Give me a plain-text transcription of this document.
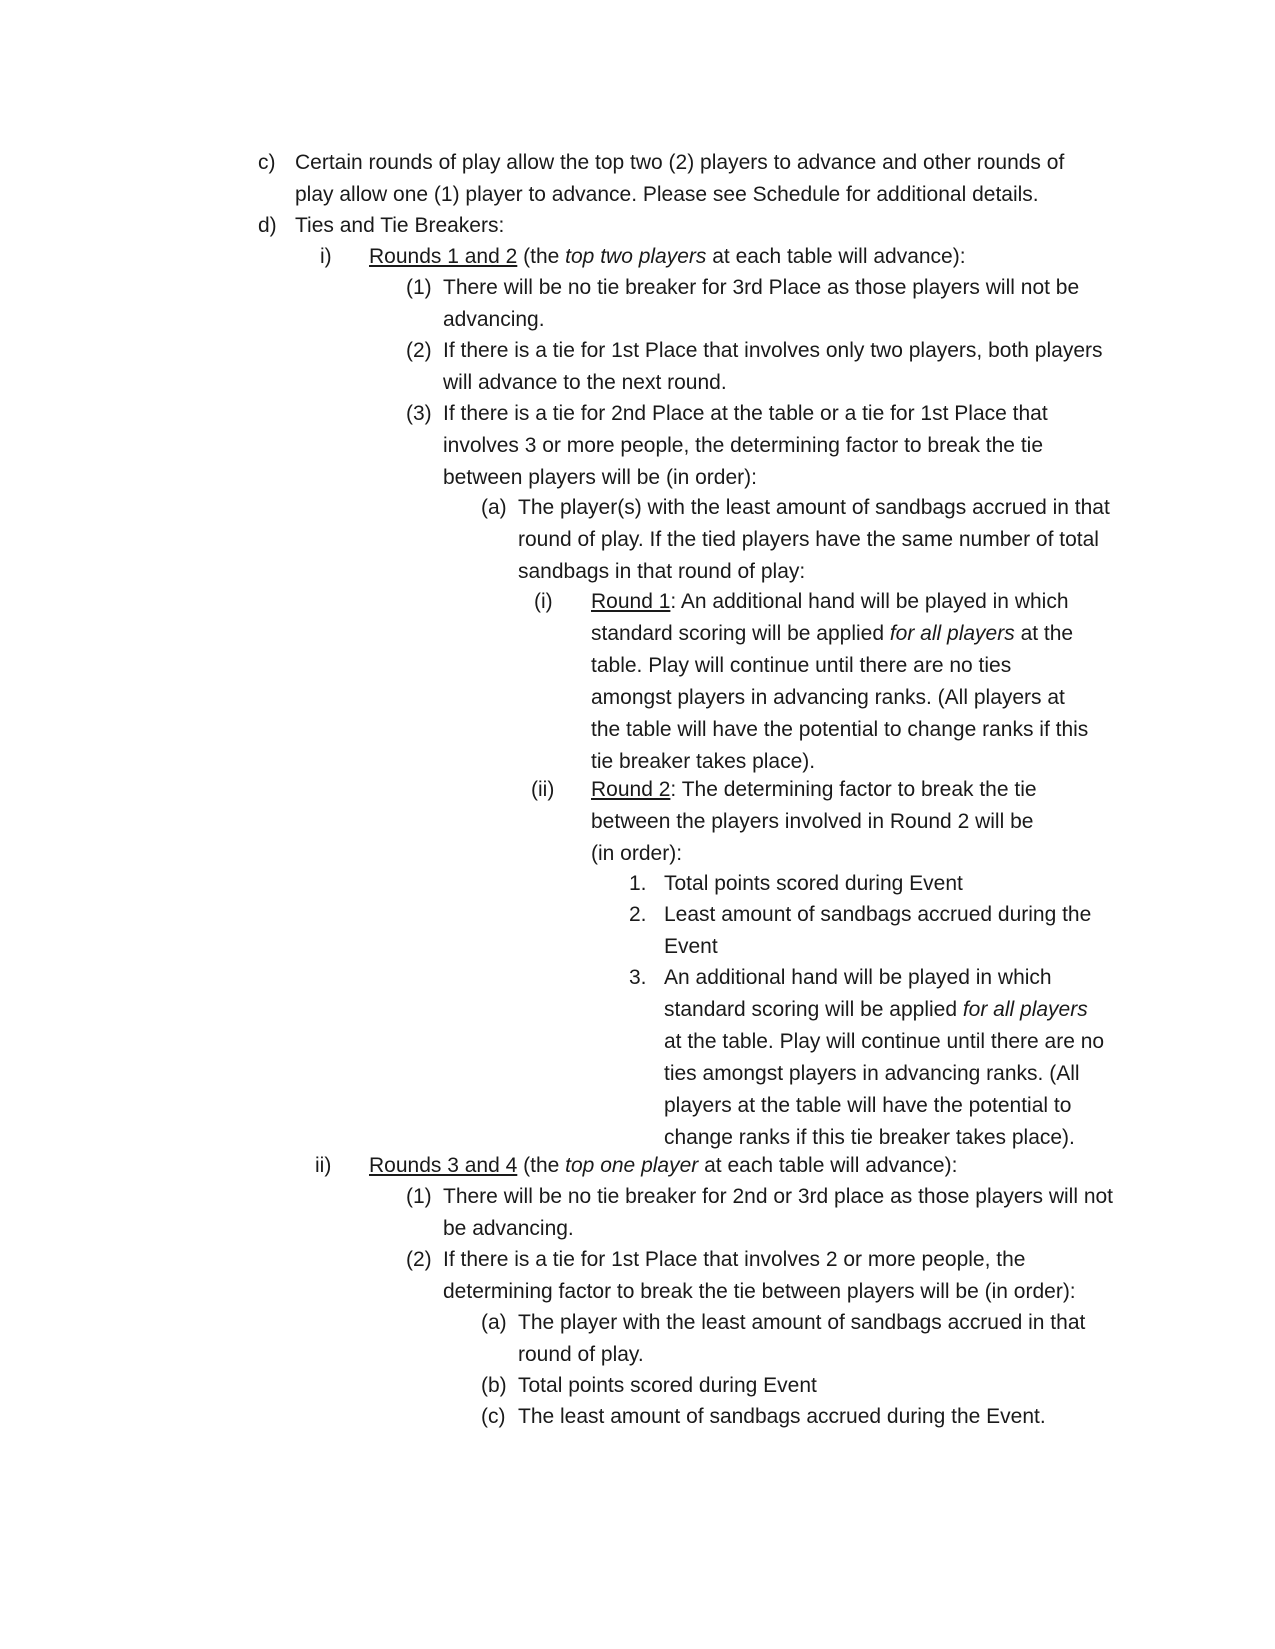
c) Certain rounds of play allow the top two (2) players to advance and other rounds of play allow one (1) player to advance. Please see Schedule for additional details.
d) Ties and Tie Breakers:
i) Rounds 1 and 2 (the top two players at each table will advance):
(1) There will be no tie breaker for 3rd Place as those players will not be advancing.
(2) If there is a tie for 1st Place that involves only two players, both players will advance to the next round.
(3) If there is a tie for 2nd Place at the table or a tie for 1st Place that involves 3 or more people, the determining factor to break the tie between players will be (in order):
(a) The player(s) with the least amount of sandbags accrued in that round of play. If the tied players have the same number of total sandbags in that round of play:
(i) Round 1: An additional hand will be played in which standard scoring will be applied for all players at the table. Play will continue until there are no ties amongst players in advancing ranks. (All players at the table will have the potential to change ranks if this tie breaker takes place).
(ii) Round 2: The determining factor to break the tie between the players involved in Round 2 will be (in order):
1. Total points scored during Event
2. Least amount of sandbags accrued during the Event
3. An additional hand will be played in which standard scoring will be applied for all players at the table. Play will continue until there are no ties amongst players in advancing ranks. (All players at the table will have the potential to change ranks if this tie breaker takes place).
ii) Rounds 3 and 4 (the top one player at each table will advance):
(1) There will be no tie breaker for 2nd or 3rd place as those players will not be advancing.
(2) If there is a tie for 1st Place that involves 2 or more people, the determining factor to break the tie between players will be (in order):
(a) The player with the least amount of sandbags accrued in that round of play.
(b) Total points scored during Event
(c) The least amount of sandbags accrued during the Event.
